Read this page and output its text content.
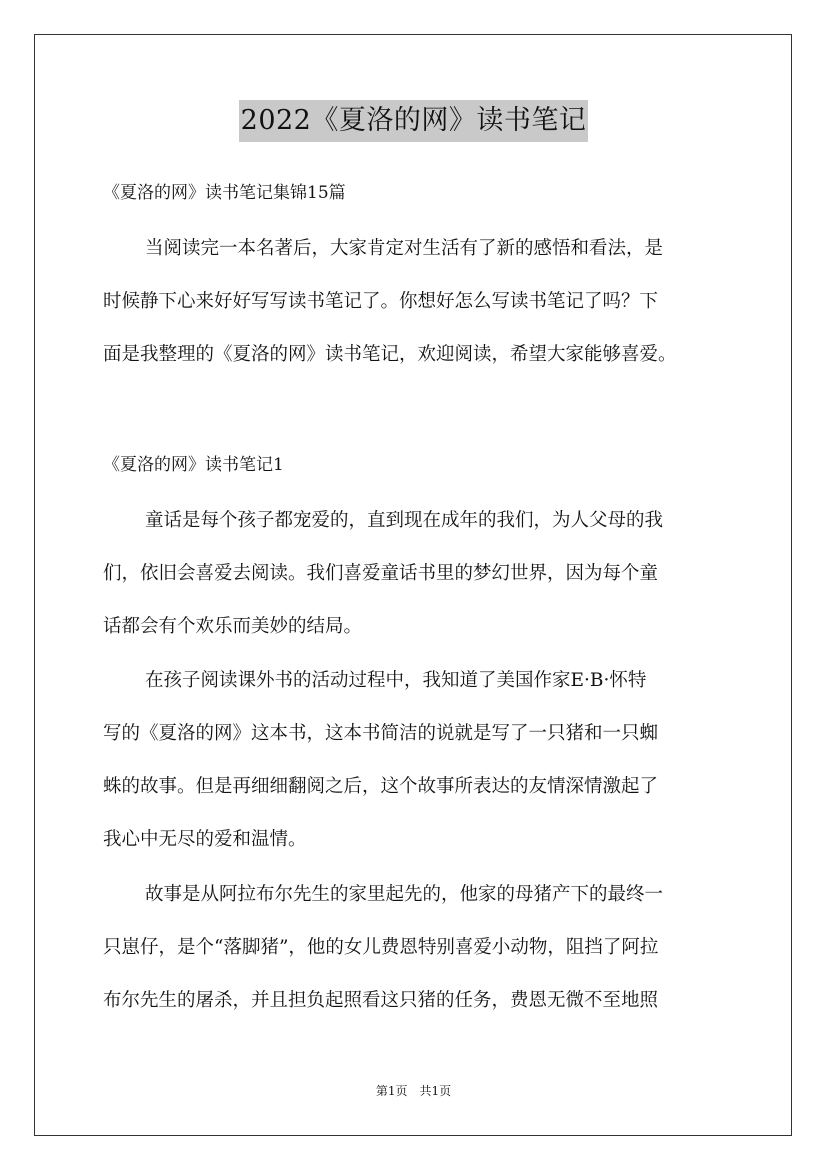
2022《夏洛的网》读书笔记
《夏洛的网》读书笔记集锦15篇
当阅读完一本名著后，大家肯定对生活有了新的感悟和看法，是
时候静下心来好好写写读书笔记了。你想好怎么写读书笔记了吗？下
面是我整理的《夏洛的网》读书笔记，欢迎阅读，希望大家能够喜爱。
《夏洛的网》读书笔记1
童话是每个孩子都宠爱的，直到现在成年的我们，为人父母的我
们，依旧会喜爱去阅读。我们喜爱童话书里的梦幻世界，因为每个童
话都会有个欢乐而美妙的结局。
在孩子阅读课外书的活动过程中，我知道了美国作家E·B·怀特
写的《夏洛的网》这本书，这本书简洁的说就是写了一只猪和一只蜘
蛛的故事。但是再细细翻阅之后，这个故事所表达的友情深情激起了
我心中无尽的爱和温情。
故事是从阿拉布尔先生的家里起先的，他家的母猪产下的最终一
只崽仔，是个“落脚猪”，他的女儿费恩特别喜爱小动物，阻挡了阿拉
布尔先生的屠杀，并且担负起照看这只猪的任务，费恩无微不至地照
第1页　共1页
